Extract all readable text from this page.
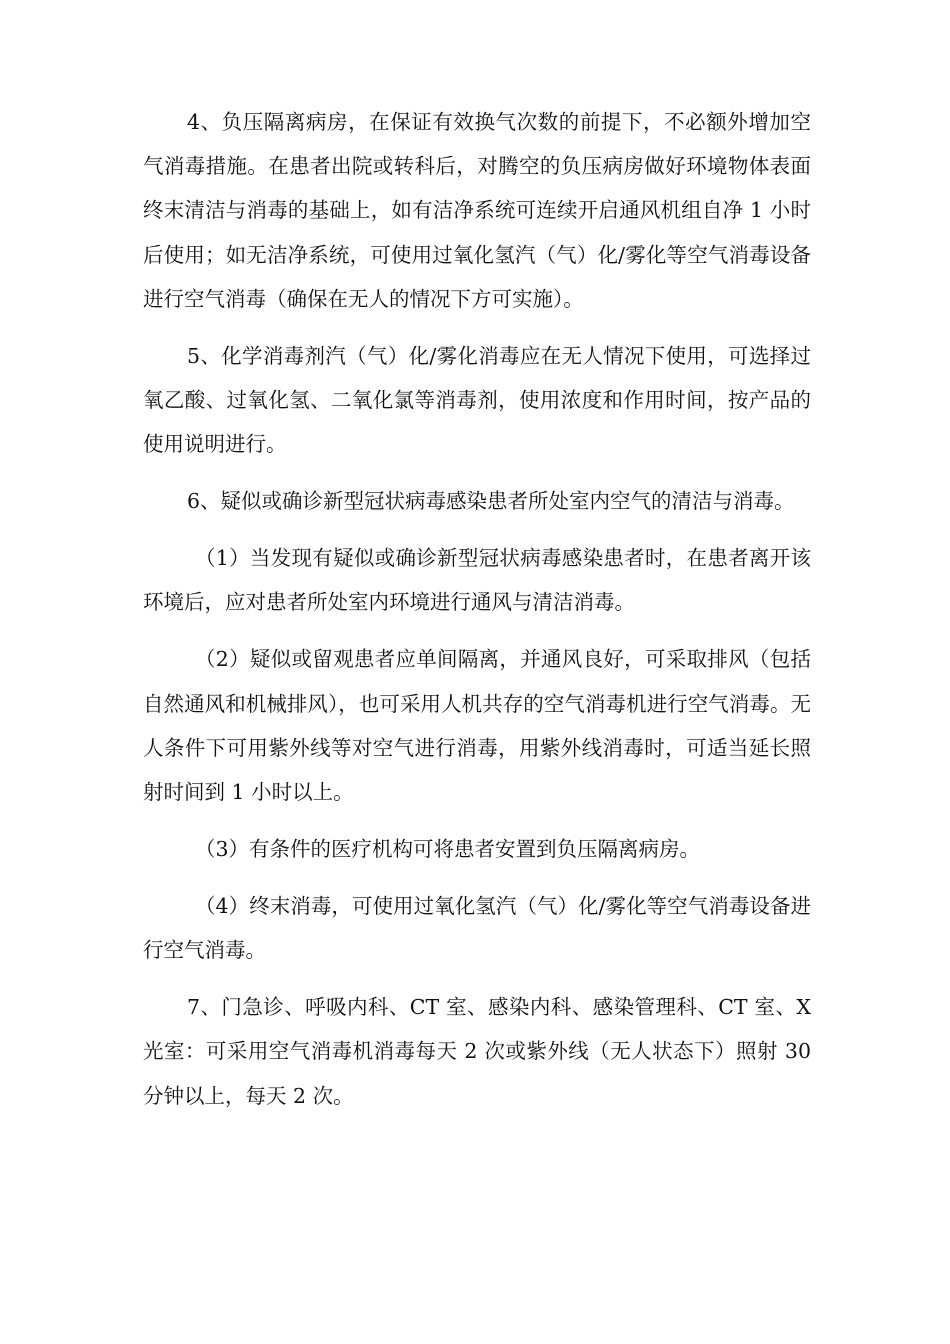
4、负压隔离病房，在保证有效换气次数的前提下，不必额外增加空气消毒措施。在患者出院或转科后，对腾空的负压病房做好环境物体表面终末清洁与消毒的基础上，如有洁净系统可连续开启通风机组自净 1 小时后使用；如无洁净系统，可使用过氧化氢汽（气）化/雾化等空气消毒设备进行空气消毒（确保在无人的情况下方可实施）。

5、化学消毒剂汽（气）化/雾化消毒应在无人情况下使用，可选择过氧乙酸、过氧化氢、二氧化氯等消毒剂，使用浓度和作用时间，按产品的使用说明进行。

6、疑似或确诊新型冠状病毒感染患者所处室内空气的清洁与消毒。

（1）当发现有疑似或确诊新型冠状病毒感染患者时，在患者离开该环境后，应对患者所处室内环境进行通风与清洁消毒。

（2）疑似或留观患者应单间隔离，并通风良好，可采取排风（包括自然通风和机械排风），也可采用人机共存的空气消毒机进行空气消毒。无人条件下可用紫外线等对空气进行消毒，用紫外线消毒时，可适当延长照射时间到 1 小时以上。

（3）有条件的医疗机构可将患者安置到负压隔离病房。

（4）终末消毒，可使用过氧化氢汽（气）化/雾化等空气消毒设备进行空气消毒。

7、门急诊、呼吸内科、CT 室、感染内科、感染管理科、CT 室、X 光室：可采用空气消毒机消毒每天 2 次或紫外线（无人状态下）照射 30 分钟以上，每天 2 次。
